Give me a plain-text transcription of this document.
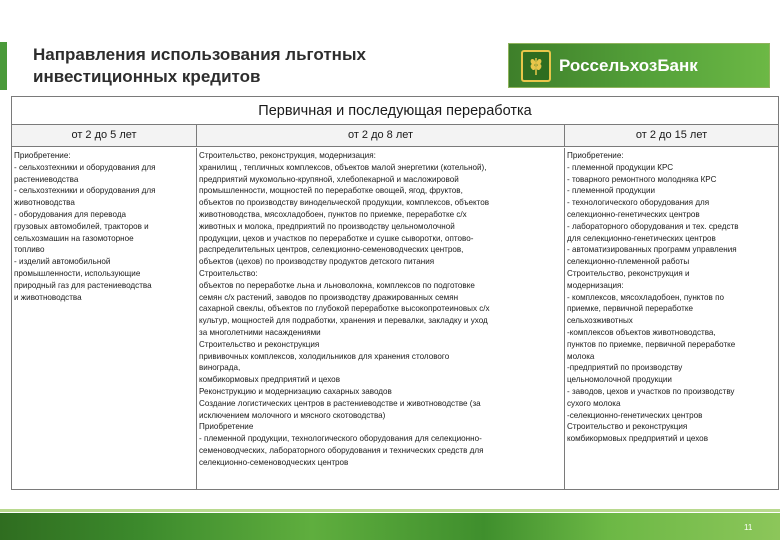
Направления использования льготных
инвестиционных кредитов
РоссельхозБанк
Первичная и последующая переработка
от 2 до 5 лет	от 2 до 8 лет	от 2 до 15 лет
Приобретение:
- сельхозтехники и оборудования для
растениеводства
- сельхозтехники и оборудования для
животноводства
- оборудования для перевода
грузовых автомобилей, тракторов и
сельхозмашин на газомоторное
топливо
- изделий автомобильной
промышленности, использующие
природный газ для растениеводства
и животноводства
Строительство, реконструкция, модернизация:
хранилищ , тепличных комплексов, объектов малой энергетики (котельной),
предприятий мукомольно-крупяной, хлебопекарной и масложировой
промышленности, мощностей по переработке овощей, ягод, фруктов,
объектов по производству винодельческой продукции, комплексов, объектов
животноводства, мясохладобоен, пунктов по приемке, переработке с/х
животных и молока, предприятий по производству цельномолочной
продукции, цехов и участков по переработке и сушке сыворотки, оптово-
распределительных центров, селекционно-семеноводческих центров,
объектов (цехов) по производству продуктов детского питания
Строительство:
объектов по переработке льна и льноволокна, комплексов по подготовке
семян с/х растений, заводов по производству дражированных семян
сахарной свеклы, объектов по глубокой переработке высокопротеиновых с/х
культур, мощностей для подработки, хранения и перевалки, закладку и уход
за многолетними насаждениями
Строительство и реконструкция
прививочных комплексов, холодильников для хранения столового
винограда,
комбикормовых предприятий и цехов
Реконструкцию и модернизацию сахарных заводов
Создание логистических центров в растениеводстве и животноводстве (за
исключением молочного и мясного скотоводства)
Приобретение
- племенной продукции, технологического оборудования для селекционно-
семеноводческих, лабораторного оборудования и технических средств для
селекционно-семеноводческих центров
Приобретение:
- племенной продукции КРС
- товарного ремонтного молодняка КРС
- племенной продукции
- технологического оборудования для
селекционно-генетических центров
- лабораторного оборудования и тех. средств
для селекционно-генетических центров
- автоматизированных программ управления
селекционно-племенной работы
Строительство, реконструкция и
модернизация:
- комплексов, мясохладобоен, пунктов по
приемке, первичной переработке
сельхозживотных
-комплексов объектов животноводства,
пунктов по приемке, первичной переработке
молока
-предприятий по производству
цельномолочной продукции
- заводов, цехов и участков по производству
сухого молока
-селекционно-генетических центров
Строительство и реконструкция
комбикормовых предприятий и цехов
11
